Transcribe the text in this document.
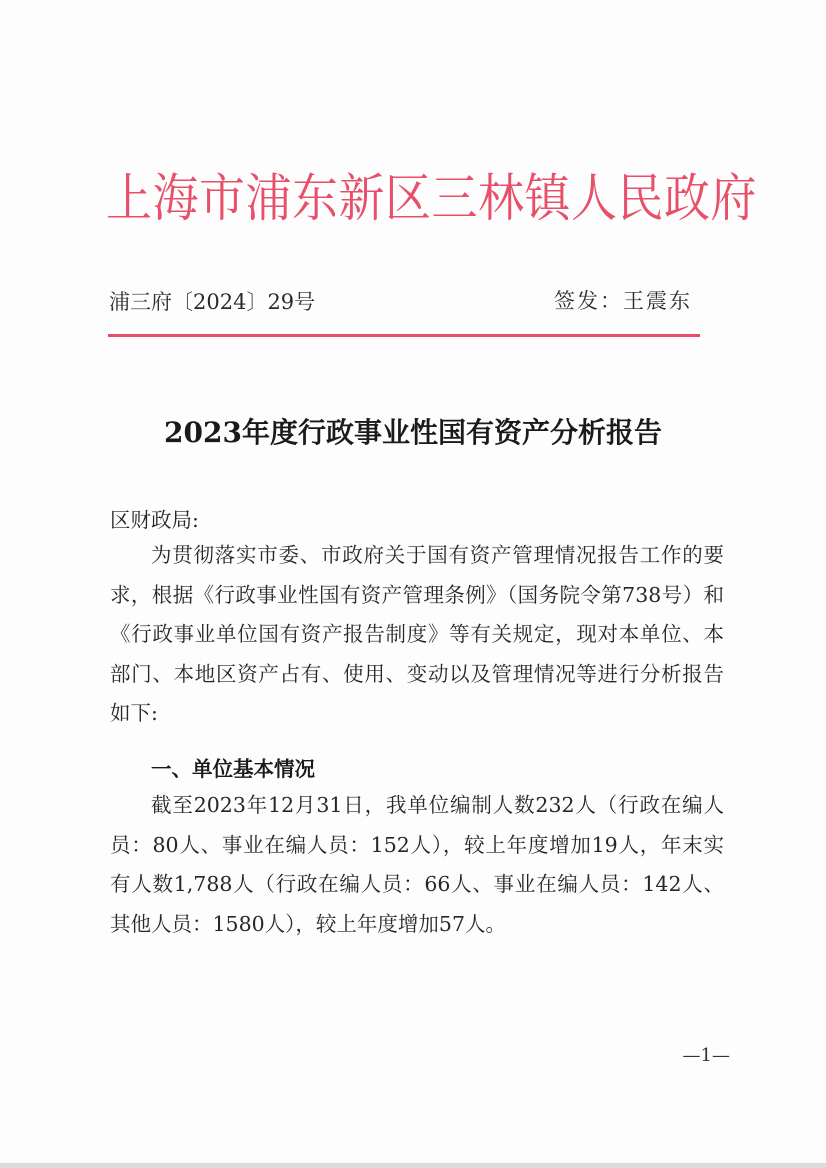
上海市浦东新区三林镇人民政府
浦三府〔2024〕29号	签发：王震东
2023年度行政事业性国有资产分析报告
区财政局:

为贯彻落实市委、市政府关于国有资产管理情况报告工作的要求，根据《行政事业性国有资产管理条例》（国务院令第738号）和《行政事业单位国有资产报告制度》等有关规定，现对本单位、本部门、本地区资产占有、使用、变动以及管理情况等进行分析报告如下:

一、单位基本情况

截至2023年12月31日，我单位编制人数232人（行政在编人员：80人、事业在编人员：152人），较上年度增加19人，年末实有人数1,788人（行政在编人员：66人、事业在编人员：142人、其他人员：1580人），较上年度增加57人。

—1—
